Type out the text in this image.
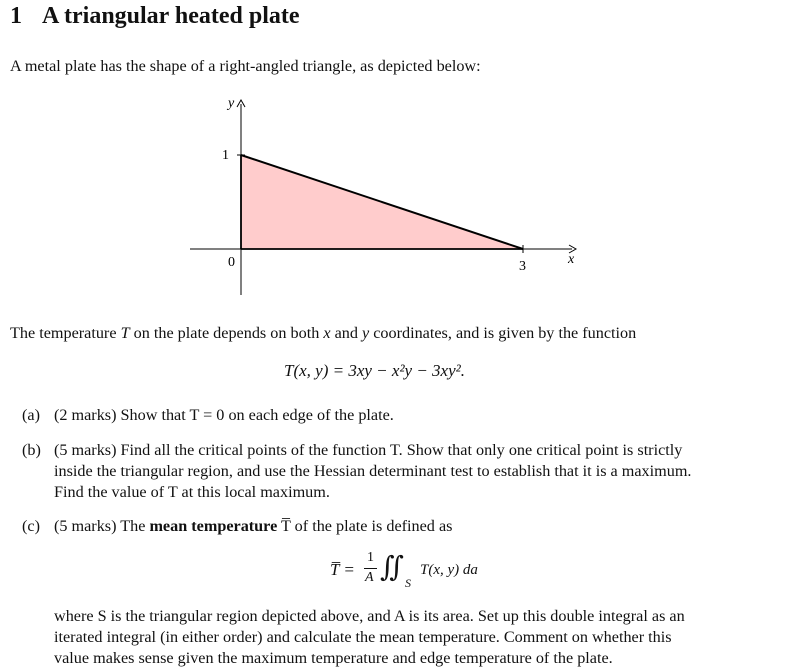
1 A triangular heated plate
A metal plate has the shape of a right-angled triangle, as depicted below:
y
x
1
0	3
The temperature T on the plate depends on both x and y coordinates, and is given by the function
T(x, y) = 3xy − x²y − 3xy².
(a) (2 marks) Show that T = 0 on each edge of the plate.
(b) (5 marks) Find all the critical points of the function T. Show that only one critical point is strictly
inside the triangular region, and use the Hessian determinant test to establish that it is a maximum.
Find the value of T at this local maximum.
(c) (5 marks) The mean temperature T̅ of the plate is defined as
T̅ =
1
A ∬ S
T(x, y) da
where S is the triangular region depicted above, and A is its area. Set up this double integral as an
iterated integral (in either order) and calculate the mean temperature. Comment on whether this
value makes sense given the maximum temperature and edge temperature of the plate.
